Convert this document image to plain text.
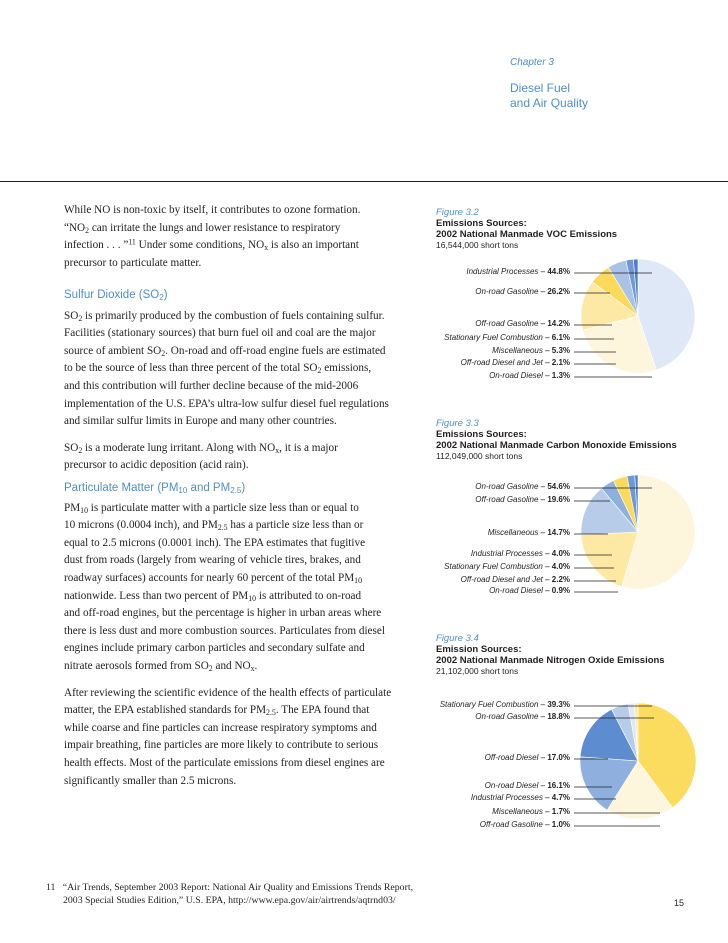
Chapter 3
Diesel Fuel
and Air Quality

While NO is non-toxic by itself, it contributes to ozone formation.

“$NO_2$ can irritate the lungs and lower resistance to respiratory

infection . . . ”$^{11}$ Under some conditions, $NO_x$ is also an important

precursor to particulate matter.

Sulfur Dioxide $(SO_2)$

$SO_2$ is primarily produced by the combustion of fuels containing sulfur.

Facilities (stationary sources) that burn fuel oil and coal are the major

source of ambient $SO_2$. On-road and off-road engine fuels are estimated

to be the source of less than three percent of the total $SO_2$ emissions,

and this contribution will further decline because of the mid-2006

implementation of the U.S. EPA’s ultra-low sulfur diesel fuel regulations

and similar sulfur limits in Europe and many other countries.

$SO_2$ is a moderate lung irritant. Along with $NO_x$, it is a major

precursor to acidic deposition (acid rain).

Particulate Matter ($PM_{10}$ and $PM_{2.5}$)

$PM_{10}$ is particulate matter with a particle size less than or equal to

10 microns (0.0004 inch), and $PM_{2.5}$ has a particle size less than or

equal to 2.5 microns (0.0001 inch). The EPA estimates that fugitive

dust from roads (largely from wearing of vehicle tires, brakes, and

roadway surfaces) accounts for nearly 60 percent of the total $PM_{10}$

nationwide. Less than two percent of $PM_{10}$ is attributed to on-road

and off-road engines, but the percentage is higher in urban areas where

there is less dust and more combustion sources. Particulates from diesel

engines include primary carbon particles and secondary sulfate and

nitrate aerosols formed from $SO_2$ and $NO_x$.

After reviewing the scientific evidence of the health effects of particulate

matter, the EPA established standards for $PM_{2.5}$. The EPA found that

while coarse and fine particles can increase respiratory symptoms and

impair breathing, fine particles are more likely to contribute to serious

health effects. Most of the particulate emissions from diesel engines are

significantly smaller than 2.5 microns.

Figure 3.2
Emissions Sources:
2002 National Manmade VOC Emissions
16,544,000 short tons
Figure 3.3
Emissions Sources:
2002 National Manmade Carbon Monoxide Emissions
112,049,000 short tons
Figure 3.4
Emission Sources:
2002 National Manmade Nitrogen Oxide Emissions
21,102,000 short tons
Industrial Processes – 44.8%
On-road Gasoline – 26.2%
Off-road Gasoline – 14.2%
Stationary Fuel Combustion – 6.1%
Miscellaneous – 5.3%
Off-road Diesel and Jet – 2.1%
On-road Diesel – 1.3%
On-road Gasoline – 54.6%
Off-road Gasoline – 19.6%
Miscellaneous – 14.7%
Industrial Processes – 4.0%
Stationary Fuel Combustion – 4.0%
Off-road Diesel and Jet – 2.2%
On-road Diesel – 0.9%
Stationary Fuel Combustion – 39.3%
On-road Gasoline – 18.8%
Off-road Diesel – 17.0%
On-road Diesel – 16.1%
Industrial Processes – 4.7%
Miscellaneous – 1.7%
Off-road Gasoline – 1.0%
11 “Air Trends, September 2003 Report: National Air Quality and Emissions Trends Report,
2003 Special Studies Edition,” U.S. EPA, http://www.epa.gov/air/airtrends/aqtrnd03/	15
